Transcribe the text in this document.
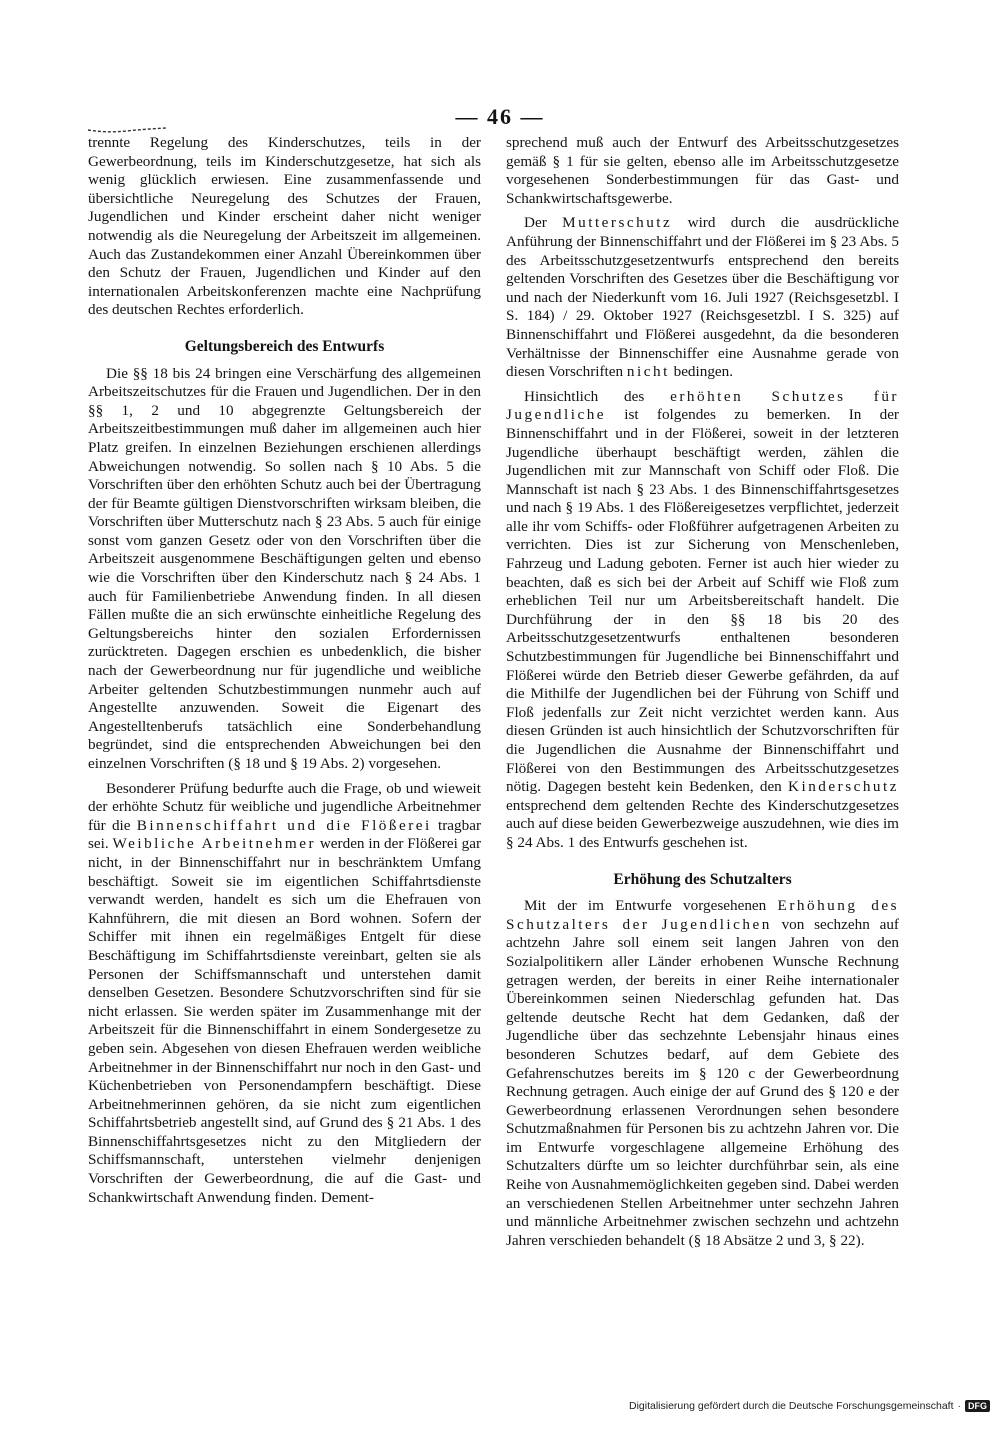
— 46 —

trennte Regelung des Kinderschutzes, teils in der Gewerbeordnung, teils im Kinderschutzgesetze, hat sich als wenig glücklich erwiesen. Eine zusammenfassende und übersichtliche Neuregelung des Schutzes der Frauen, Jugendlichen und Kinder erscheint daher nicht weniger notwendig als die Neuregelung der Arbeitszeit im allgemeinen. Auch das Zustandekommen einer Anzahl Übereinkommen über den Schutz der Frauen, Jugendlichen und Kinder auf den internationalen Arbeitskonferenzen machte eine Nachprüfung des deutschen Rechtes erforderlich.

Geltungsbereich des Entwurfs

Die §§ 18 bis 24 bringen eine Verschärfung des allgemeinen Arbeitszeitschutzes für die Frauen und Jugendlichen. Der in den §§ 1, 2 und 10 abgegrenzte Geltungsbereich der Arbeitszeitbestimmungen muß daher im allgemeinen auch hier Platz greifen. In einzelnen Beziehungen erschienen allerdings Abweichungen notwendig. So sollen nach § 10 Abs. 5 die Vorschriften über den erhöhten Schutz auch bei der Übertragung der für Beamte gültigen Dienstvorschriften wirksam bleiben, die Vorschriften über Mutterschutz nach § 23 Abs. 5 auch für einige sonst vom ganzen Gesetz oder von den Vorschriften über die Arbeitszeit ausgenommene Beschäftigungen gelten und ebenso wie die Vorschriften über den Kinderschutz nach § 24 Abs. 1 auch für Familienbetriebe Anwendung finden. In all diesen Fällen mußte die an sich erwünschte einheitliche Regelung des Geltungsbereichs hinter den sozialen Erfordernissen zurücktreten. Dagegen erschien es unbedenklich, die bisher nach der Gewerbeordnung nur für jugendliche und weibliche Arbeiter geltenden Schutzbestimmungen nunmehr auch auf Angestellte anzuwenden. Soweit die Eigenart des Angestelltenberufs tatsächlich eine Sonderbehandlung begründet, sind die entsprechenden Abweichungen bei den einzelnen Vorschriften (§ 18 und § 19 Abs. 2) vorgesehen.

Besonderer Prüfung bedurfte auch die Frage, ob und wieweit der erhöhte Schutz für weibliche und jugendliche Arbeitnehmer für die Binnenschiffahrt und die Flößerei tragbar sei. Weibliche Arbeitnehmer werden in der Flößerei gar nicht, in der Binnenschiffahrt nur in beschränktem Umfang beschäftigt. Soweit sie im eigentlichen Schiffahrtsdienste verwandt werden, handelt es sich um die Ehefrauen von Kahnführern, die mit diesen an Bord wohnen. Sofern der Schiffer mit ihnen ein regelmäßiges Entgelt für diese Beschäftigung im Schiffahrtsdienste vereinbart, gelten sie als Personen der Schiffsmannschaft und unterstehen damit denselben Gesetzen. Besondere Schutzvorschriften sind für sie nicht erlassen. Sie werden später im Zusammenhange mit der Arbeitszeit für die Binnenschiffahrt in einem Sondergesetze zu geben sein. Abgesehen von diesen Ehefrauen werden weibliche Arbeitnehmer in der Binnenschiffahrt nur noch in den Gast- und Küchenbetrieben von Personendampfern beschäftigt. Diese Arbeitnehmerinnen gehören, da sie nicht zum eigentlichen Schiffahrtsbetrieb angestellt sind, auf Grund des § 21 Abs. 1 des Binnenschiffahrtsgesetzes nicht zu den Mitgliedern der Schiffsmannschaft, unterstehen vielmehr denjenigen Vorschriften der Gewerbeordnung, die auf die Gast- und Schankwirtschaft Anwendung finden. Dement-

sprechend muß auch der Entwurf des Arbeitsschutzgesetzes gemäß § 1 für sie gelten, ebenso alle im Arbeitsschutzgesetze vorgesehenen Sonderbestimmungen für das Gast- und Schankwirtschaftsgewerbe.

Der Mutterschutz wird durch die ausdrückliche Anführung der Binnenschiffahrt und der Flößerei im § 23 Abs. 5 des Arbeitsschutzgesetzentwurfs entsprechend den bereits geltenden Vorschriften des Gesetzes über die Beschäftigung vor und nach der Niederkunft vom 16. Juli 1927 (Reichsgesetzbl. I S. 184) / 29. Oktober 1927 (Reichsgesetzbl. I S. 325) auf Binnenschiffahrt und Flößerei ausgedehnt, da die besonderen Verhältnisse der Binnenschiffer eine Ausnahme gerade von diesen Vorschriften nicht bedingen.

Hinsichtlich des erhöhten Schutzes für Jugendliche ist folgendes zu bemerken. In der Binnenschiffahrt und in der Flößerei, soweit in der letzteren Jugendliche überhaupt beschäftigt werden, zählen die Jugendlichen mit zur Mannschaft von Schiff oder Floß. Die Mannschaft ist nach § 23 Abs. 1 des Binnenschiffahrtsgesetzes und nach § 19 Abs. 1 des Flößereigesetzes verpflichtet, jederzeit alle ihr vom Schiffs- oder Floßführer aufgetragenen Arbeiten zu verrichten. Dies ist zur Sicherung von Menschenleben, Fahrzeug und Ladung geboten. Ferner ist auch hier wieder zu beachten, daß es sich bei der Arbeit auf Schiff wie Floß zum erheblichen Teil nur um Arbeitsbereitschaft handelt. Die Durchführung der in den §§ 18 bis 20 des Arbeitsschutzgesetzentwurfs enthaltenen besonderen Schutzbestimmungen für Jugendliche bei Binnenschiffahrt und Flößerei würde den Betrieb dieser Gewerbe gefährden, da auf die Mithilfe der Jugendlichen bei der Führung von Schiff und Floß jedenfalls zur Zeit nicht verzichtet werden kann. Aus diesen Gründen ist auch hinsichtlich der Schutzvorschriften für die Jugendlichen die Ausnahme der Binnenschiffahrt und Flößerei von den Bestimmungen des Arbeitsschutzgesetzes nötig. Dagegen besteht kein Bedenken, den Kinderschutz entsprechend dem geltenden Rechte des Kinderschutzgesetzes auch auf diese beiden Gewerbezweige auszudehnen, wie dies im § 24 Abs. 1 des Entwurfs geschehen ist.

Erhöhung des Schutzalters

Mit der im Entwurfe vorgesehenen Erhöhung des Schutzalters der Jugendlichen von sechzehn auf achtzehn Jahre soll einem seit langen Jahren von den Sozialpolitikern aller Länder erhobenen Wunsche Rechnung getragen werden, der bereits in einer Reihe internationaler Übereinkommen seinen Niederschlag gefunden hat. Das geltende deutsche Recht hat dem Gedanken, daß der Jugendliche über das sechzehnte Lebensjahr hinaus eines besonderen Schutzes bedarf, auf dem Gebiete des Gefahrenschutzes bereits im § 120 c der Gewerbeordnung Rechnung getragen. Auch einige der auf Grund des § 120 e der Gewerbeordnung erlassenen Verordnungen sehen besondere Schutzmaßnahmen für Personen bis zu achtzehn Jahren vor. Die im Entwurfe vorgeschlagene allgemeine Erhöhung des Schutzalters dürfte um so leichter durchführbar sein, als eine Reihe von Ausnahmemöglichkeiten gegeben sind. Dabei werden an verschiedenen Stellen Arbeitnehmer unter sechzehn Jahren und männliche Arbeitnehmer zwischen sechzehn und achtzehn Jahren verschieden behandelt (§ 18 Absätze 2 und 3, § 22).

Digitalisierung gefördert durch die Deutsche Forschungsgemeinschaft · DFG
